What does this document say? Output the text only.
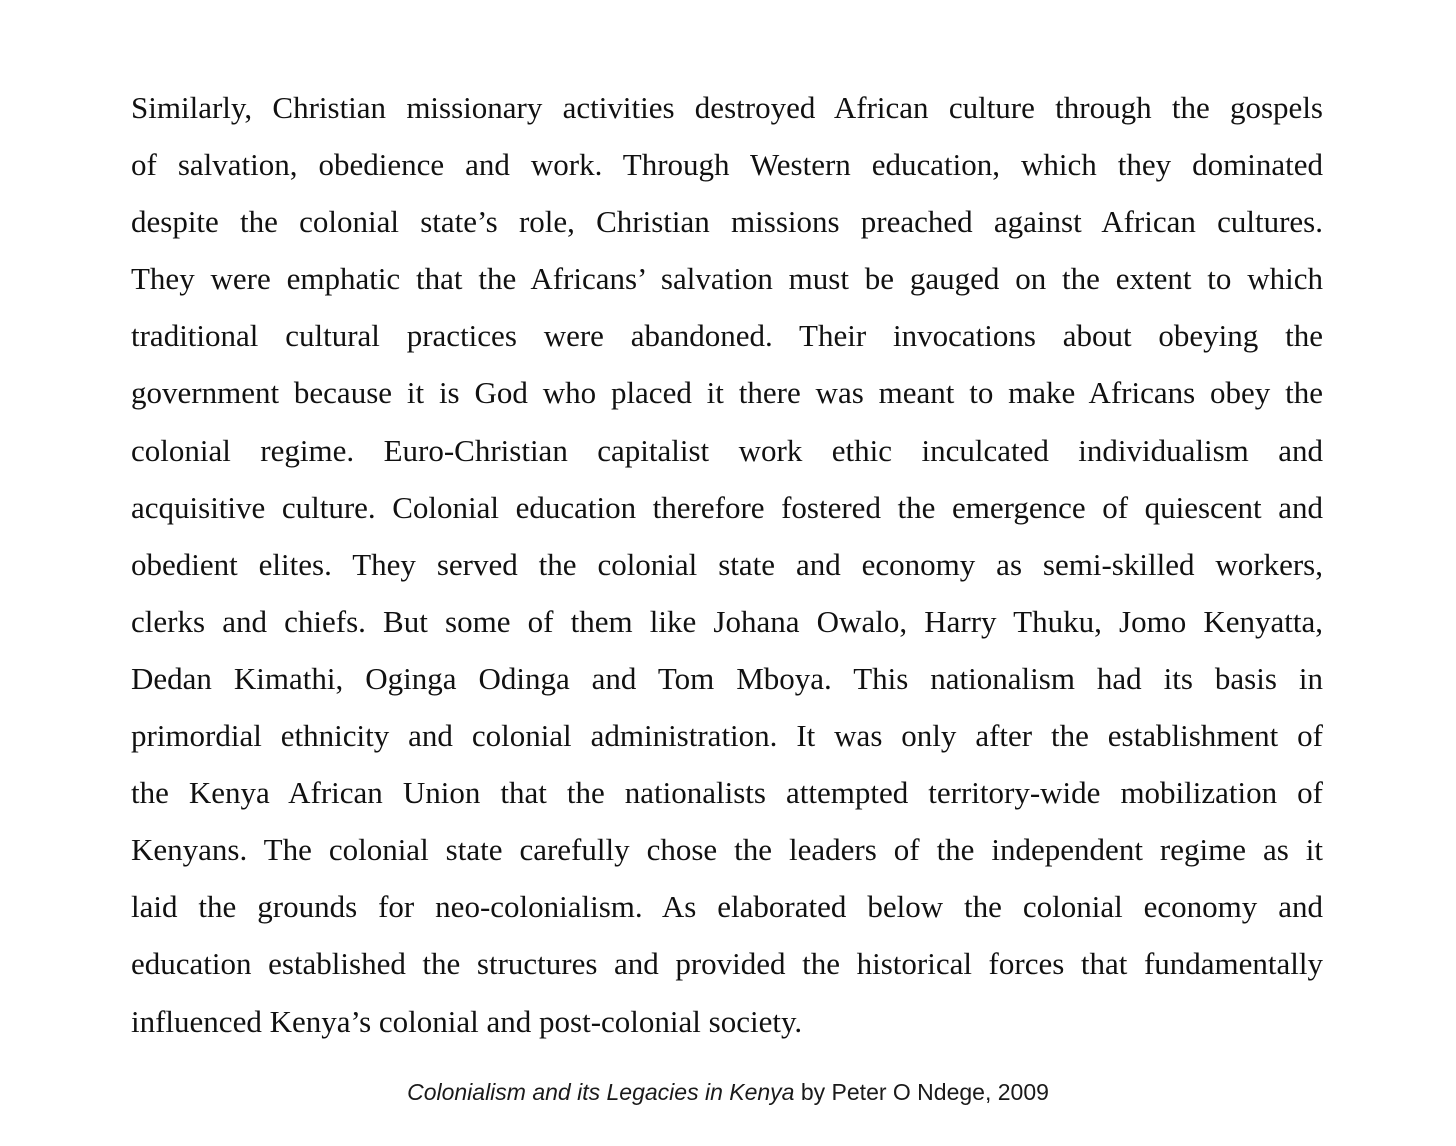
Similarly, Christian missionary activities destroyed African culture through the gospels
of salvation, obedience and work. Through Western education, which they dominated
despite the colonial state’s role, Christian missions preached against African cultures.
They were emphatic that the Africans’ salvation must be gauged on the extent to which
traditional cultural practices were abandoned. Their invocations about obeying the
government because it is God who placed it there was meant to make Africans obey the
colonial regime. Euro-Christian capitalist work ethic inculcated individualism and
acquisitive culture. Colonial education therefore fostered the emergence of quiescent and
obedient elites. They served the colonial state and economy as semi-skilled workers,
clerks and chiefs. But some of them like Johana Owalo, Harry Thuku, Jomo Kenyatta,
Dedan Kimathi, Oginga Odinga and Tom Mboya. This nationalism had its basis in
primordial ethnicity and colonial administration. It was only after the establishment of
the Kenya African Union that the nationalists attempted territory-wide mobilization of
Kenyans. The colonial state carefully chose the leaders of the independent regime as it
laid the grounds for neo-colonialism. As elaborated below the colonial economy and
education established the structures and provided the historical forces that fundamentally
influenced Kenya’s colonial and post-colonial society.

Colonialism and its Legacies in Kenya by Peter O Ndege, 2009
